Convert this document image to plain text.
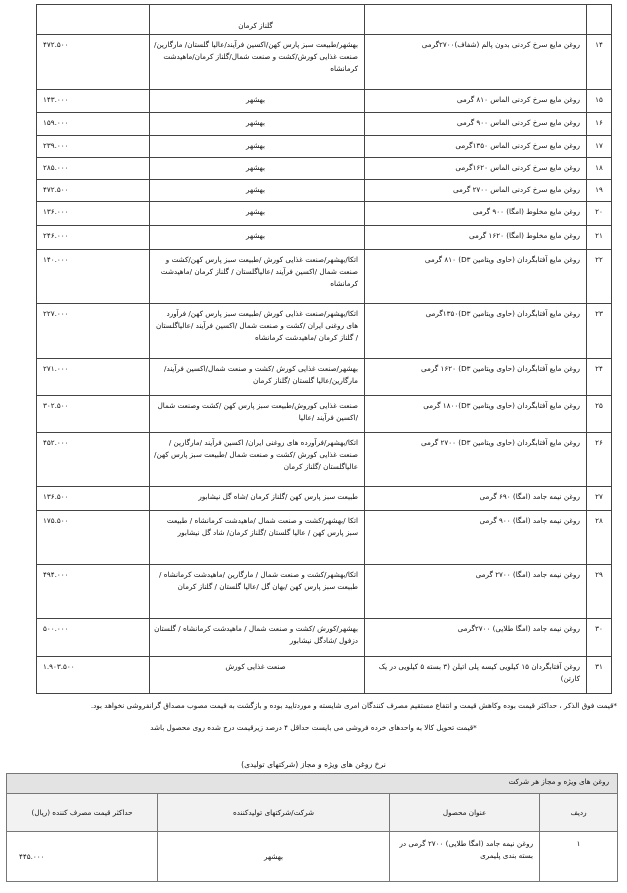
		گلناز کرمان	
۱۴	روغن مایع سرخ کردنی بدون پالم (شفاف)۲۷۰۰گرمی	بهشهر/طبیعت سبز پارس کهن/اکسین فرآیند/عالیا گلستان/ مارگارین/صنعت غذایی کورش/کشت و صنعت شمال/گلناز کرمان/ماهیدشت کرمانشاه	۴۷۲.۵۰۰
۱۵	روغن مایع سرخ کردنی الماس ۸۱۰ گرمی	بهشهر	۱۴۳.۰۰۰
۱۶	روغن مایع سرخ کردنی الماس ۹۰۰ گرمی	بهشهر	۱۵۹.۰۰۰
۱۷	روغن مایع سرخ کردنی الماس ۱۳۵۰گرمی	بهشهر	۲۳۹.۰۰۰
۱۸	روغن مایع سرخ کردنی الماس ۱۶۲۰گرمی	بهشهر	۲۸۵.۰۰۰
۱۹	روغن مایع سرخ کردنی الماس ۲۷۰۰ گرمی	بهشهر	۴۷۲.۵۰۰
۲۰	روغن مایع مخلوط (امگا) ۹۰۰ گرمی	بهشهر	۱۳۶.۰۰۰
۲۱	روغن مایع مخلوط (امگا) ۱۶۲۰ گرمی	بهشهر	۲۴۶.۰۰۰
۲۲	روغن مایع آفتابگردان (حاوی ویتامین D۳) ۸۱۰ گرمی	اتکا/بهشهر/صنعت غذایی کورش /طبیعت سبز پارس کهن/کشت و صنعت شمال /اکسین فرآیند /عالیاگلستان / گلناز کرمان /ماهیدشت کرمانشاه	۱۴۰.۰۰۰
۲۳	روغن مایع آفتابگردان (حاوی ویتامین D۳)۱۳۵۰گرمی	اتکا/بهشهر/صنعت غذایی کورش /طبیعت سبز پارس کهن/ فرآورد های روغنی ایران /کشت و صنعت شمال /اکسین فرآیند /عالیاگلستان / گلناز کرمان /ماهیدشت کرمانشاه	۲۲۷.۰۰۰
۲۴	روغن مایع آفتابگردان (حاوی ویتامین D۳) ۱۶۲۰ گرمی	بهشهر/صنعت غذایی کورش /کشت و صنعت شمال/اکسین فرآیند/مارگارین/عالیا گلستان /گلناز کرمان	۲۷۱.۰۰۰
۲۵	روغن مایع آفتابگردان (حاوی ویتامین D۳)۱۸۰۰ گرمی	صنعت غذایی کوروش/طبیعت سبز پارس کهن /کشت وصنعت شمال /اکسین فرآیند /عالیا	۳۰۲.۵۰۰
۲۶	روغن مایع آفتابگردان (حاوی ویتامین D۳) ۲۷۰۰ گرمی	اتکا/بهشهر/فرآورده های روغنی ایران/ اکسین فرآیند /مارگارین /صنعت غذایی کورش /کشت و صنعت شمال /طبیعت سبز پارس کهن/ عالیاگلستان /گلناز کرمان	۴۵۲.۰۰۰
۲۷	روغن نیمه جامد (امگا) ۶۹۰ گرمی	طبیعت سبز پارس کهن /گلناز کرمان /شاه گل نیشابور	۱۳۶.۵۰۰
۲۸	روغن نیمه جامد (امگا) ۹۰۰ گرمی	اتکا /بهشهر/کشت و صنعت شمال /ماهیدشت کرمانشاه / طبیعت سبز پارس کهن / عالیا گلستان /گلناز کرمان/ شاد گل نیشابور	۱۷۵.۵۰۰
۲۹	روغن نیمه جامد (امگا) ۲۷۰۰ گرمی	اتکا/بهشهر/کشت و صنعت شمال / مارگارین /ماهیدشت کرمانشاه / طبیعت سبز پارس کهن /بهان گل /عالیا گلستان / گلناز کرمان	۴۹۴.۰۰۰
۳۰	روغن نیمه جامد (امگا طلایی) ۲۷۰۰گرمی	بهشهر/کورش /کشت و صنعت شمال / ماهیدشت کرمانشاه / گلستان دزفول /شادگل نیشابور	۵۰۰.۰۰۰
۳۱	روغن آفتابگردان ۱۵ کیلویی کیسه پلی اتیلن (۳ بسته ۵ کیلویی در یک کارتن)	صنعت غذایی کورش	۱.۹۰۳.۵۰۰
*قیمت فوق الذکر ، حداکثر قیمت بوده وکاهش قیمت و انتفاع مستقیم مصرف کنندگان امری شایسته و موردتایید بوده و بازگشت به قیمت مصوب مصداق گرانفروشی نخواهد بود.
*قیمت تحویل کالا به واحدهای خرده فروشی می بایست حداقل ۴ درصد زیرقیمت درج شده روی محصول باشد
نرخ روغن های ویژه و مجاز (شرکتهای تولیدی)
روغن های ویژه و مجاز هر شرکت			
ردیف	عنوان محصول	شرکت/شرکتهای تولیدکننده	حداکثر قیمت مصرف کننده (ریال)
۱	روغن نیمه جامد (امگا طلایی) ۲۷۰۰ گرمی در بسته بندی پلیمری	بهشهر	۴۴۵.۰۰۰
